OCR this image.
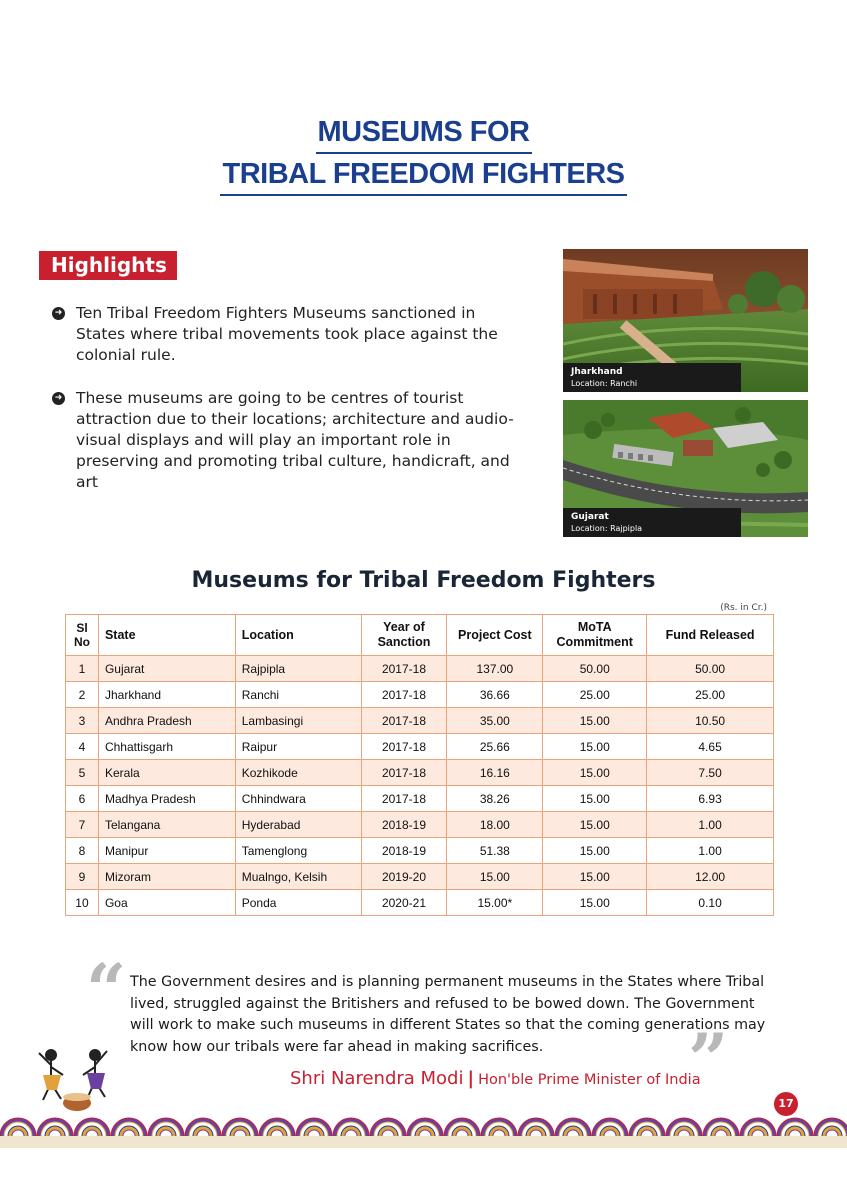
MUSEUMS FOR
TRIBAL FREEDOM FIGHTERS
Highlights
➜ Ten Tribal Freedom Fighters Museums sanctioned in States where tribal movements took place against the colonial rule.
➜ These museums are going to be centres of tourist attraction due to their locations; architecture and audio-visual displays and will play an important role in preserving and promoting tribal culture, handicraft, and art
Jharkhand
Location: Ranchi
Gujarat
Location: Rajpipla
Museums for Tribal Freedom Fighters
(Rs. in Cr.)
Sl No	State	Location	Year of Sanction	Project Cost	MoTA Commitment	Fund Released
1	Gujarat	Rajpipla	2017-18	137.00	50.00	50.00
2	Jharkhand	Ranchi	2017-18	36.66	25.00	25.00
3	Andhra Pradesh	Lambasingi	2017-18	35.00	15.00	10.50
4	Chhattisgarh	Raipur	2017-18	25.66	15.00	4.65
5	Kerala	Kozhikode	2017-18	16.16	15.00	7.50
6	Madhya Pradesh	Chhindwara	2017-18	38.26	15.00	6.93
7	Telangana	Hyderabad	2018-19	18.00	15.00	1.00
8	Manipur	Tamenglong	2018-19	51.38	15.00	1.00
9	Mizoram	Mualngo, Kelsih	2019-20	15.00	15.00	12.00
10	Goa	Ponda	2020-21	15.00*	15.00	0.10
“ The Government desires and is planning permanent museums in the States where Tribal lived, struggled against the Britishers and refused to be bowed down. The Government will work to make such museums in different States so that the coming generations may know how our tribals were far ahead in making sacrifices.	”
Shri Narendra Modi | Hon'ble Prime Minister of India
17
